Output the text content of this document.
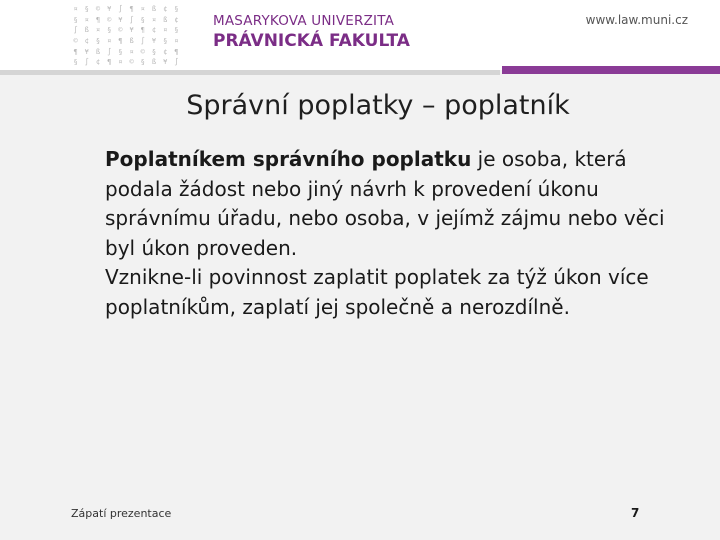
¤ § © ¥ ∫ ¶ ¤ ß ¢ §
§ ¤ ¶ © ¥ ∫ § ¤ ß ¢
∫ ß ¤ § © ¥ ¶ ¢ ¤ §
© ¢ § ¤ ¶ ß ∫ ¥ § ¤
¶ ¥ ß ∫ § ¤ © § ¢ ¶
§ ∫ ¢ ¶ ¤ © § ß ¥ ∫
MASARYKOVA UNIVERZITA
PRÁVNICKÁ FAKULTA
www.law.muni.cz
Správní poplatky – poplatník

Poplatníkem správního poplatku je osoba, která podala žádost nebo jiný návrh k provedení úkonu správnímu úřadu, nebo osoba, v jejímž zájmu nebo věci byl úkon proveden.

Vznikne-li povinnost zaplatit poplatek za týž úkon více poplatníkům, zaplatí jej společně a nerozdílně.

Zápatí prezentace	7
